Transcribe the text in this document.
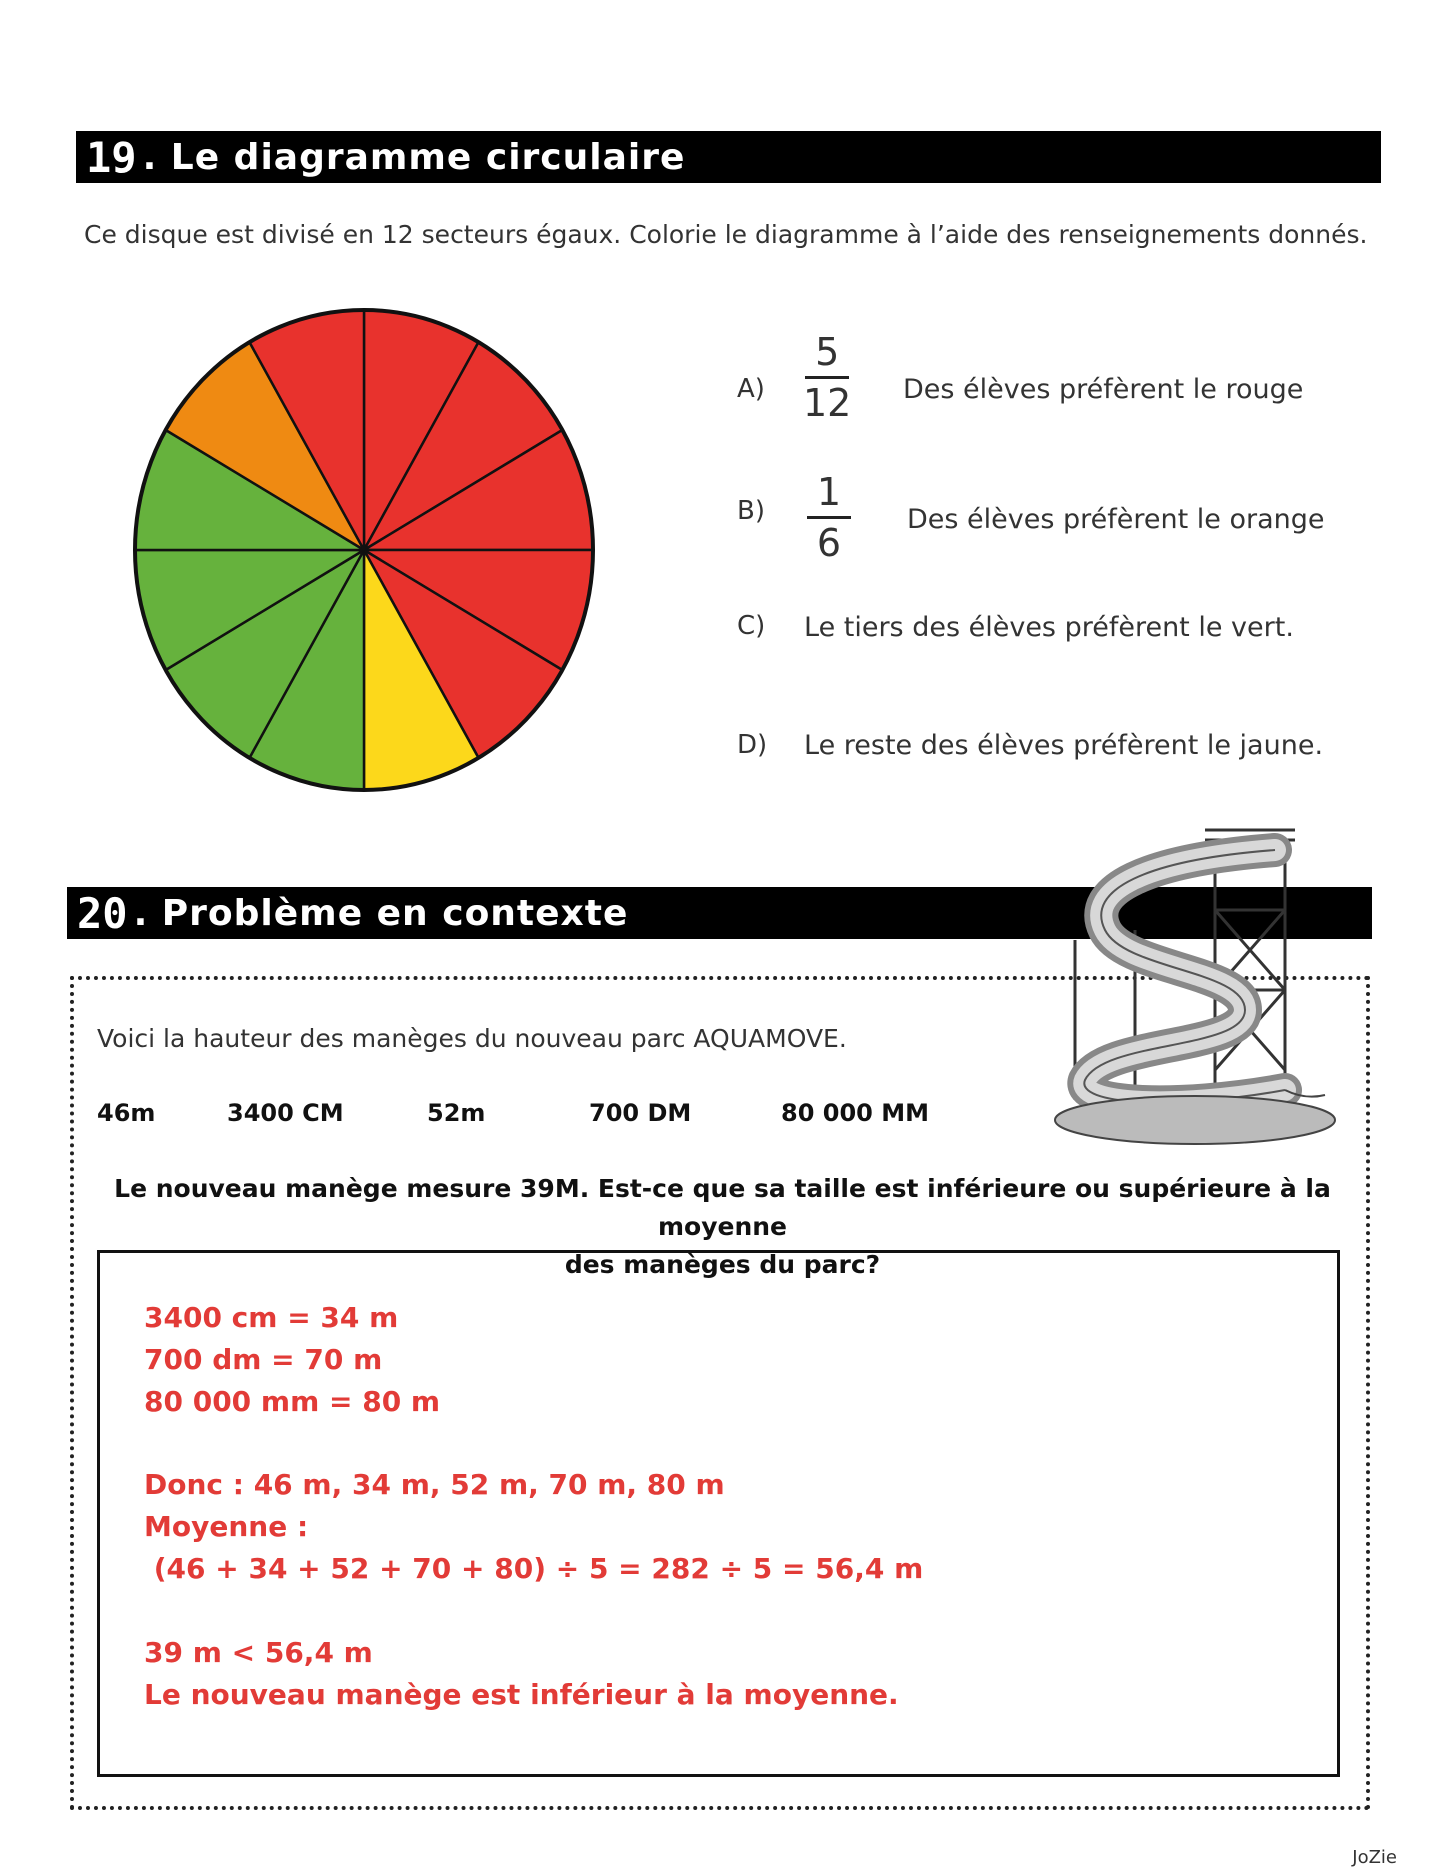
19 . Le diagramme circulaire
Ce disque est divisé en 12 secteurs égaux. Colorie le diagramme à l’aide des renseignements donnés.
A)
5
12 Des élèves préfèrent le rouge
B) 1
6
Des élèves préfèrent le orange
C) Le tiers des élèves préfèrent le vert.
D) Le reste des élèves préfèrent le jaune.
20 . Problème en contexte
Voici la hauteur des manèges du nouveau parc AQUAMOVE.
46m	3400 CM	52m	700 DM	80 000 MM
Le nouveau manège mesure 39M. Est-ce que sa taille est inférieure ou supérieure à la moyenne
des manèges du parc?
3400 cm = 34 m
700 dm = 70 m
80 000 mm = 80 m
Donc : 46 m, 34 m, 52 m, 70 m, 80 m
Moyenne :
(46 + 34 + 52 + 70 + 80) ÷ 5 = 282 ÷ 5 = 56,4 m
39 m < 56,4 m
Le nouveau manège est inférieur à la moyenne.
JoZie
